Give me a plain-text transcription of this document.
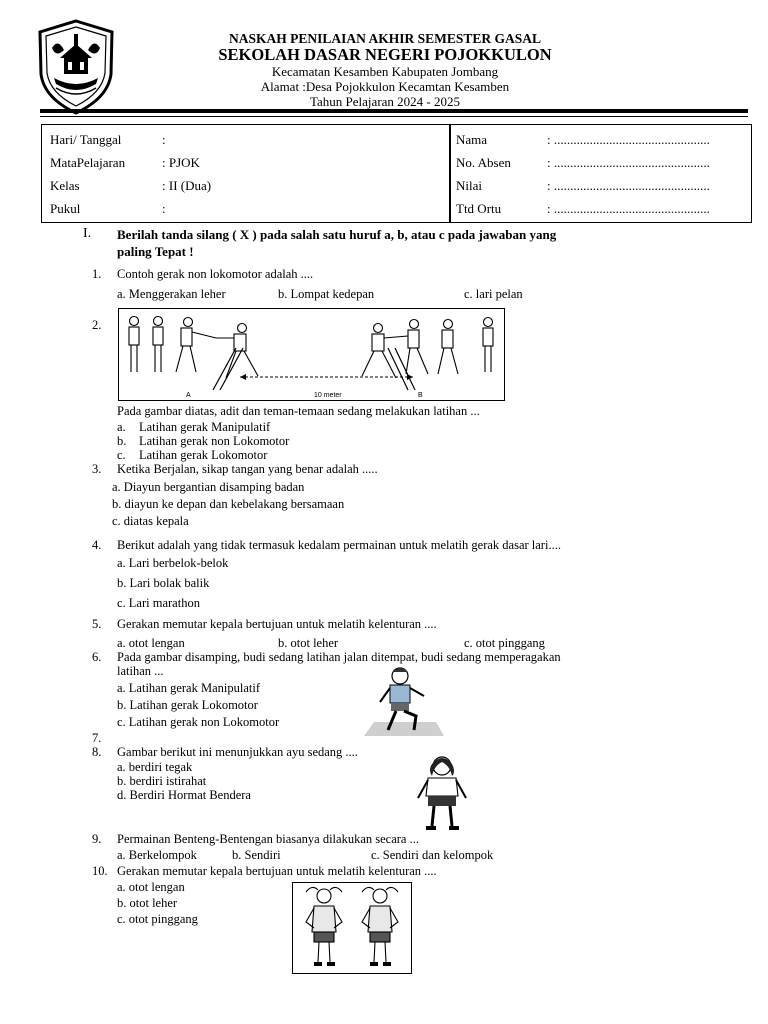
NASKAH PENILAIAN AKHIR SEMESTER GASAL
SEKOLAH DASAR NEGERI POJOKKULON
Kecamatan Kesamben Kabupaten Jombang
Alamat :Desa Pojokkulon Kecamtan Kesamben
Tahun Pelajaran 2024 - 2025
Hari/ Tanggal	:
MataPelajaran	: PJOK
Kelas	: II (Dua)
Pukul	:
Nama	: ................................................
No. Absen	: ................................................
Nilai	: ................................................
Ttd Ortu	: ................................................
I. Berilah tanda silang ( X ) pada salah satu huruf a, b, atau c pada jawaban yang
paling Tepat !
1. Contoh gerak non lokomotor adalah ....
a. Menggerakan leher	b. Lompat kedepan	c. lari pelan
2.
A	10 meter	B
Pada gambar diatas, adit dan teman-temaan sedang melakukan latihan ...
a. Latihan gerak Manipulatif
b. Latihan gerak non Lokomotor
c. Latihan gerak Lokomotor
3. Ketika Berjalan, sikap tangan yang benar adalah .....
a. Diayun bergantian disamping badan
b. diayun ke depan dan kebelakang bersamaan
c. diatas kepala
4. Berikut adalah yang tidak termasuk kedalam permainan untuk melatih gerak dasar lari....
a. Lari berbelok-belok
b. Lari bolak balik
c. Lari marathon
5. Gerakan memutar kepala bertujuan untuk melatih kelenturan ....
a. otot lengan	b. otot leher	c. otot pinggang
6. Pada gambar disamping, budi sedang latihan jalan ditempat, budi sedang memperagakan
latihan ...
a. Latihan gerak Manipulatif
b. Latihan gerak Lokomotor
c. Latihan gerak non Lokomotor
7.
8. Gambar berikut ini menunjukkan ayu sedang ....
a. berdiri tegak
b. berdiri istirahat
d. Berdiri Hormat Bendera
9. Permainan Benteng-Bentengan biasanya dilakukan secara ...
a. Berkelompok	b. Sendiri	c. Sendiri dan kelompok
10. Gerakan memutar kepala bertujuan untuk melatih kelenturan ....
a. otot lengan
b. otot leher
c. otot pinggang
